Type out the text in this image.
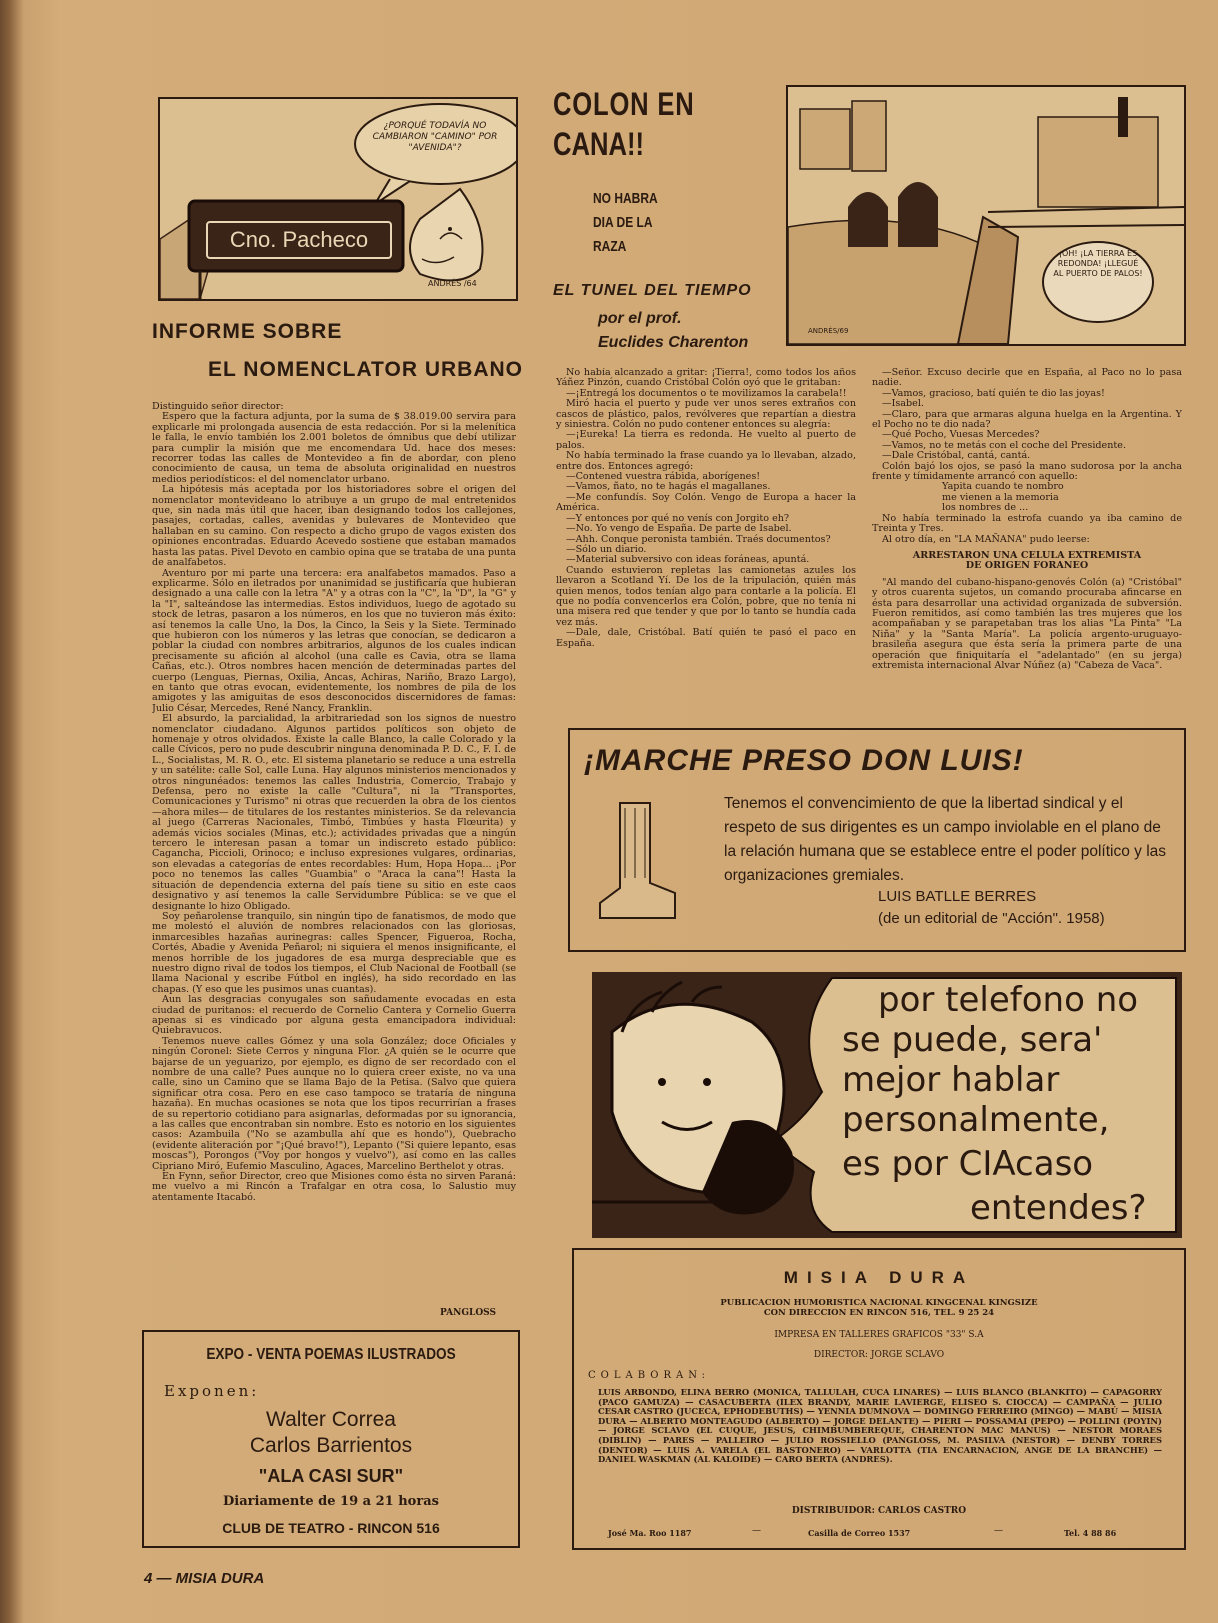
¿PORQUÉ TODAVÍA NO CAMBIARON "CAMINO" POR "AVENIDA"?
Cno. Pacheco
ANDRÉS /64
INFORME SOBRE
EL NOMENCLATOR URBANO

Distinguido señor director:

Espero que la factura adjunta, por la suma de $ 38.019.00 servira para explicarle mi prolongada ausencia de esta redacción. Por si la melenítica le falla, le envío también los 2.001 boletos de ómnibus que debí utilizar para cumplir la misión que me encomendara Ud. hace dos meses: recorrer todas las calles de Montevideo a fin de abordar, con pleno conocimiento de causa, un tema de absoluta originalidad en nuestros medios periodísticos: el del nomenclator urbano.

La hipótesis más aceptada por los historiadores sobre el origen del nomenclator montevideano lo atribuye a un grupo de mal entretenidos que, sin nada más útil que hacer, iban designando todos los callejones, pasajes, cortadas, calles, avenidas y bulevares de Montevideo que hallaban en su camino. Con respecto a dicho grupo de vagos existen dos opiniones encontradas. Eduardo Acevedo sostiene que estaban mamados hasta las patas. Pivel Devoto en cambio opina que se trataba de una punta de analfabetos.

Aventuro por mi parte una tercera: era analfabetos mamados. Paso a explicarme. Sólo en iletrados por unanimidad se justificaría que hubieran designado a una calle con la letra "A" y a otras con la "C", la "D", la "G" y la "I", salteándose las intermedias. Estos individuos, luego de agotado su stock de letras, pasaron a los números, en los que no tuvieron más éxito: así tenemos la calle Uno, la Dos, la Cinco, la Seis y la Siete. Terminado que hubieron con los números y las letras que conocían, se dedicaron a poblar la ciudad con nombres arbitrarios, algunos de los cuales indican precisamente su afición al alcohol (una calle es Cavia, otra se llama Cañas, etc.). Otros nombres hacen mención de determinadas partes del cuerpo (Lenguas, Piernas, Oxilia, Ancas, Achiras, Nariño, Brazo Largo), en tanto que otras evocan, evidentemente, los nombres de pila de los amigotes y las amiguitas de esos desconocidos discernidores de famas: Julio César, Mercedes, René Nancy, Franklin.

El absurdo, la parcialidad, la arbitrariedad son los signos de nuestro nomenclator ciudadano. Algunos partidos políticos son objeto de homenaje y otros olvidados. Existe la calle Blanco, la calle Colorado y la calle Cívicos, pero no pude descubrir ninguna denominada P. D. C., F. I. de L., Socialistas, M. R. O., etc. El sistema planetario se reduce a una estrella y un satélite: calle Sol, calle Luna. Hay algunos ministerios mencionados y otros ningunéados: tenemos las calles Industria, Comercio, Trabajo y Defensa, pero no existe la calle "Cultura", ni la "Transportes, Comunicaciones y Turismo" ni otras que recuerden la obra de los cientos —ahora miles— de titulares de los restantes ministerios. Se da relevancia al juego (Carreras Nacionales, Timbó, Timbúes y hasta Flœurita) y además vicios sociales (Minas, etc.); actividades privadas que a ningún tercero le interesan pasan a tomar un indiscreto estado público: Caganchа, Piccioli, Orinoco; e incluso expresiones vulgares, ordinarias, son elevadas a categorías de entes recordables: Hum, Hopa Hopa... ¡Por poco no tenemos las calles "Guambia" o "Araca la cana"! Hasta la situación de dependencia externa del país tiene su sitio en este caos designativo y así tenemos la calle Servidumbre Pública: se ve que el designante lo hizo Obligado.

Soy peñarolense tranquilo, sin ningún tipo de fanatismos, de modo que me molestó el aluvión de nombres relacionados con las gloriosas, inmarcesibles hazañas aurinegras: calles Spencer, Figueroa, Rocha, Cortés, Abadie y Avenida Peñarol; ni siquiera el menos insignificante, el menos horrible de los jugadores de esa murga despreciable que es nuestro digno rival de todos los tiempos, el Club Nacional de Football (se llama Nacional y escribe Fútbol en inglés), ha sido recordado en las chapas. (Y eso que les pusimos unas cuantas).

Aun las desgracias conyugales son sañudamente evocadas en esta ciudad de puritanos: el recuerdo de Cornelio Cantera y Cornelio Guerra apenas si es vindicado por alguna gesta emancipadora individual: Quiebravucos.

Tenemos nueve calles Gómez y una sola González; doce Oficiales y ningún Coronel: Siete Cerros y ninguna Flor. ¿A quién se le ocurre que bajarse de un yeguarizo, por ejemplo, es digno de ser recordado con el nombre de una calle? Pues aunque no lo quiera creer existe, no va una calle, sino un Camino que se llama Bajo de la Petisa. (Salvo que quiera significar otra cosa. Pero en ese caso tampoco se trataría de ninguna hazaña). En muchas ocasiones se nota que los tipos recurrirían a frases de su repertorio cotidiano para asignarlas, deformadas por su ignorancia, a las calles que encontraban sin nombre. Esto es notorio en los siguientes casos: Azambuila ("No se azambulla ahí que es hondo"), Quebracho (evidente aliteración por "¡Qué bravo!"), Lepanto ("Si quiere lepanto, esas moscas"), Porongos ("Voy por hongos y vuelvo"), así como en las calles Cipriano Miró, Eufemio Masculino, Agaces, Marcelino Berthelot y otras.

En Fynn, señor Director, creo que Misiones como ésta no sirven Paraná: me vuelvo a mi Rincón a Trafalgar en otra cosa, lo Salustio muy atentamente Itacabó.

EXPO - VENTA POEMAS ILUSTRADOS
Exponen:
Walter Correa
Carlos Barrientos
"ALA CASI SUR"
Diariamente de 19 a 21 horas
CLUB DE TEATRO - RINCON 516
COLON EN
CANA!!
NO HABRA
DIA DE LA
RAZA
EL TUNEL DEL TIEMPO
por el prof.
Euclides Charenton
¡OH! ¡LA TIERRA ES REDONDA! ¡LLEGUÉ AL PUERTO DE PALOS!
ANDRÉS/69

No había alcanzado a gritar: ¡Tierra!, como todos los años Yáñez Pinzón, cuando Cristóbal Colón oyó que le gritaban:

—¡Entregá los documentos o te movilizamos la carabela!!

Miró hacia el puerto y pude ver unos seres extraños con cascos de plástico, palos, revólveres que repartían a diestra y siniestra. Colón no pudo contener entonces su alegría:

—¡Eureka! La tierra es redonda. He vuelto al puerto de palos.

No había terminado la frase cuando ya lo llevaban, alzado, entre dos. Entonces agregó:

—Contened vuestra rábida, aborígenes!

—Vamos, ñato, no te hagás el magallanes.

—Me confundís. Soy Colón. Vengo de Europa a hacer la América.

—Y entonces por qué no venís con Jorgito eh?

—No. Yo vengo de España. De parte de Isabel.

—Ahh. Conque peronista también. Traés documentos?

—Sólo un diario.

—Material subversivo con ideas foráneas, apuntá.

Cuando estuvieron repletas las camionetas azules los llevaron a Scotland Yí. De los de la tripulación, quién más quien menos, todos tenían algo para contarle a la policía. El que no podía convencerlos era Colón, pobre, que no tenía ni una misera red que tender y que por lo tanto se hundía cada vez más.

—Dale, dale, Cristóbal. Batí quién te pasó el paco en España.

—Señor. Excuso decirle que en España, al Paco no lo pasa nadie.

—Vamos, gracioso, batí quién te dio las joyas!

—Isabel.

—Claro, para que armaras alguna huelga en la Argentina. Y el Pocho no te dio nada?

—Qué Pocho, Vuesas Mercedes?

—Vamos, no te metás con el coche del Presidente.

—Dale Cristóbal, cantá, cantá.

Colón bajó los ojos, se pasó la mano sudorosa por la ancha frente y tímidamente arrancó con aquello:

Yapita cuando te nombro
me vienen a la memoria
los nombres de ...

No había terminado la estrofa cuando ya iba camino de Treinta y Tres.

Al otro día, en "LA MAÑANA" pudo leerse:

ARRESTARON UNA CELULA EXTREMISTA
DE ORIGEN FORANEO

"Al mando del cubano-hispano-genovés Colón (a) "Cristóbal" y otros cuarenta sujetos, un comando procuraba afincarse en ésta para desarrollar una actividad organizada de subversión. Fueron remitidos, así como también las tres mujeres que los acompañaban y se parapetaban tras los alias "La Pinta" "La Niña" y la "Santa María". La policía argento-uruguayo-brasileña asegura que ésta sería la primera parte de una operación que finiquitaría el "adelantado" (en su jerga) extremista internacional Alvar Núñez (a) "Cabeza de Vaca".

¡MARCHE PRESO DON LUIS!
Tenemos el convencimiento de que la libertad sindical y el respeto de sus dirigentes es un campo inviolable en el plano de la relación humana que se establece entre el poder político y las organizaciones gremiales.
LUIS BATLLE BERRES
(de un editorial de "Acción". 1958)
por telefono no
se puede, sera'
mejor hablar
personalmente,
es por CIAcaso
entendes?
MISIA DURA
PUBLICACION HUMORISTICA NACIONAL KINGCENAL KINGSIZE
CON DIRECCION EN RINCON 516, TEL. 9 25 24
IMPRESA EN TALLERES GRAFICOS "33" S.A
DIRECTOR: JORGE SCLAVO
COLABORAN:
LUIS ARBONDO, ELINA BERRO (MONICA, TALLULAH, CUCA LINARES) — LUIS BLANCO (BLANKITO) — CAPAGORRY (PACO GAMUZA) — CASACUBERTA (ILEX BRANDY, MARIE LAVIERGE, ELISEO S. CIOCCA) — CAMPAÑA — JULIO CESAR CASTRO (JUCECA, EPHODEBUTHS) — YENNIA DUMNOVA — DOMINGO FERREIRO (MINGO) — MABÚ — MISIA DURA — ALBERTO MONTEAGUDO (ALBERTO) — JORGE DELANTE) — PIERI — POSSAMAI (PEPO) — POLLINI (POYIN) — JORGE SCLAVO (EL CUQUE, JESUS, CHIMBUMBEREQUE, CHARENTON MAC MANUS) — NESTOR MORAES (DIBLIN) — PARES — PALLEIRO — JULIO ROSSIELLO (PANGLOSS, M. PASILVA (NESTOR) — DENBY TORRES (DENTOR) — LUIS A. VARELA (EL BASTONERO) — VARLOTTA (TIA ENCARNACION, ANGE DE LA BRANCHE) — DANIEL WASKMAN (AL KALOIDE) — CARO BERTA (ANDRES).
DISTRIBUIDOR: CARLOS CASTRO
José Ma. Roo 1187	—	Casilla de Correo 1537	—	Tel. 4 88 86
PANGLOSS
4 — MISIA DURA
